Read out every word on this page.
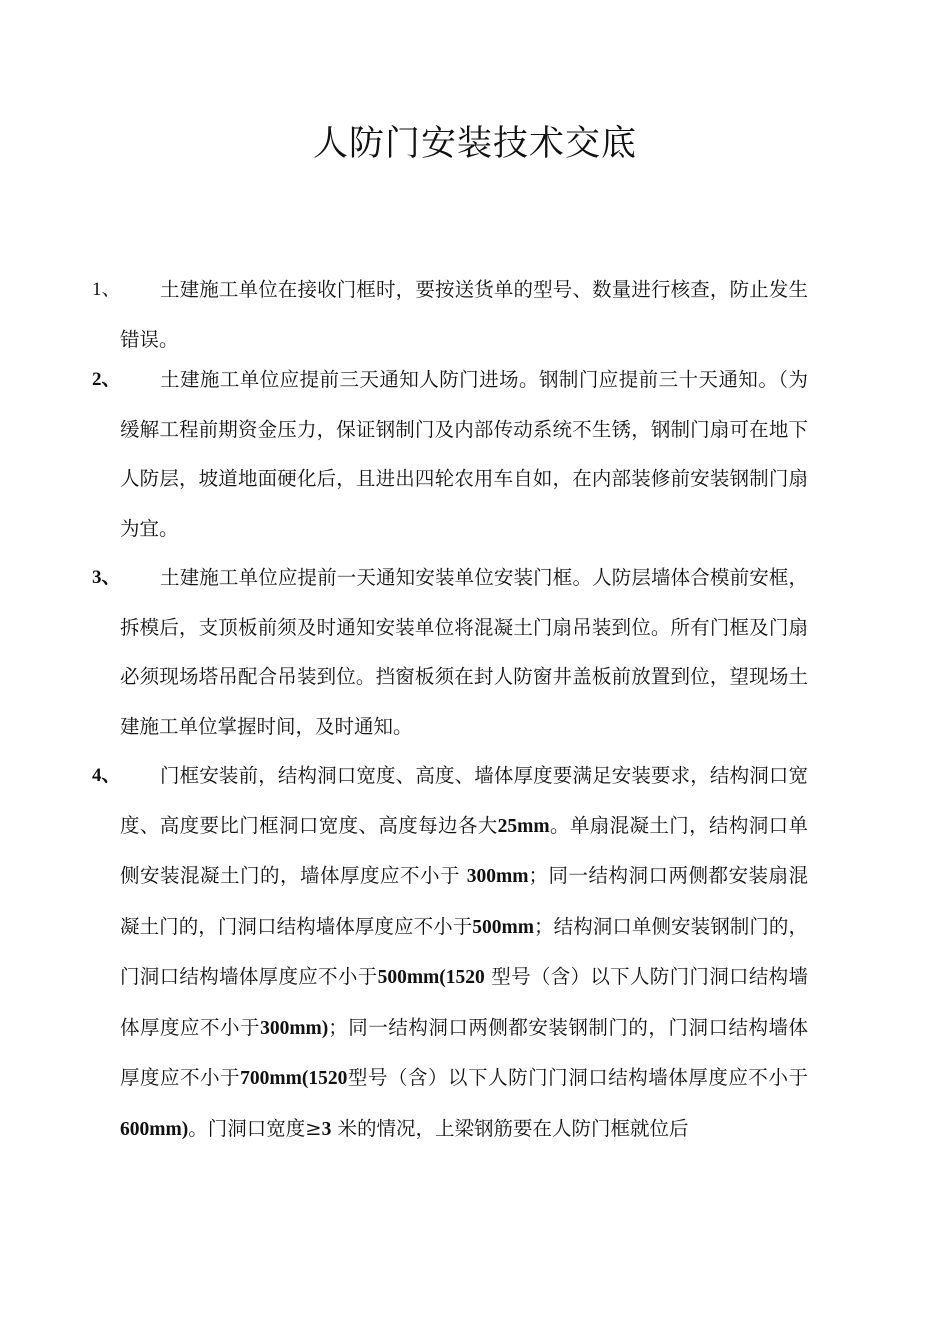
人防门安装技术交底
1、	土建施工单位在接收门框时，要按送货单的型号、数量进行核查，防止发生错误。
2、	土建施工单位应提前三天通知人防门进场。钢制门应提前三十天通知。（为缓解工程前期资金压力，保证钢制门及内部传动系统不生锈，钢制门扇可在地下人防层，坡道地面硬化后，且进出四轮农用车自如，在内部装修前安装钢制门扇为宜。
3、	土建施工单位应提前一天通知安装单位安装门框。人防层墙体合模前安框，拆模后，支顶板前须及时通知安装单位将混凝土门扇吊装到位。所有门框及门扇必须现场塔吊配合吊装到位。挡窗板须在封人防窗井盖板前放置到位，望现场土建施工单位掌握时间，及时通知。
4、	门框安装前，结构洞口宽度、高度、墙体厚度要满足安装要求，结构洞口宽度、高度要比门框洞口宽度、高度每边各大25mm。单扇混凝土门，结构洞口单侧安装混凝土门的，墙体厚度应不小于 300mm；同一结构洞口两侧都安装扇混凝土门的，门洞口结构墙体厚度应不小于500mm；结构洞口单侧安装钢制门的，门洞口结构墙体厚度应不小于500mm(1520 型号（含）以下人防门门洞口结构墙体厚度应不小于300mm)；同一结构洞口两侧都安装钢制门的，门洞口结构墙体厚度应不小于700mm(1520型号（含）以下人防门门洞口结构墙体厚度应不小于 600mm)。门洞口宽度≥3 米的情况，上梁钢筋要在人防门框就位后
